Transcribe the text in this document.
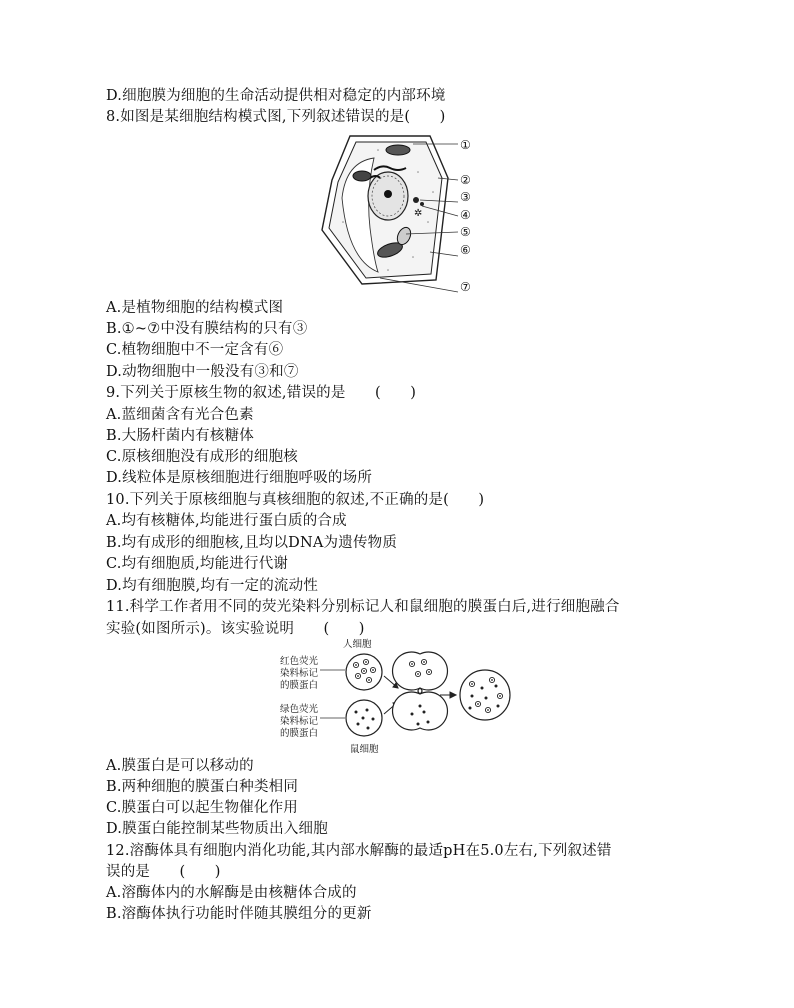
D.细胞膜为细胞的生命活动提供相对稳定的内部环境
8.如图是某细胞结构模式图,下列叙述错误的是(　　)
✲
①
②
③
④
⑤
⑥
⑦
A.是植物细胞的结构模式图
B.①~⑦中没有膜结构的只有③
C.植物细胞中不一定含有⑥
D.动物细胞中一般没有③和⑦
9.下列关于原核生物的叙述,错误的是　　(　　)
A.蓝细菌含有光合色素
B.大肠杆菌内有核糖体
C.原核细胞没有成形的细胞核
D.线粒体是原核细胞进行细胞呼吸的场所
10.下列关于原核细胞与真核细胞的叙述,不正确的是(　　)
A.均有核糖体,均能进行蛋白质的合成
B.均有成形的细胞核,且均以DNA为遗传物质
C.均有细胞质,均能进行代谢
D.均有细胞膜,均有一定的流动性
11.科学工作者用不同的荧光染料分别标记人和鼠细胞的膜蛋白后,进行细胞融合
实验(如图所示)。该实验说明　　(　　)
人细胞
红色荧光
染料标记
的膜蛋白
绿色荧光
染料标记
的膜蛋白
鼠细胞
A.膜蛋白是可以移动的
B.两种细胞的膜蛋白种类相同
C.膜蛋白可以起生物催化作用
D.膜蛋白能控制某些物质出入细胞
12.溶酶体具有细胞内消化功能,其内部水解酶的最适pH在5.0左右,下列叙述错
误的是　　(　　)
A.溶酶体内的水解酶是由核糖体合成的
B.溶酶体执行功能时伴随其膜组分的更新
